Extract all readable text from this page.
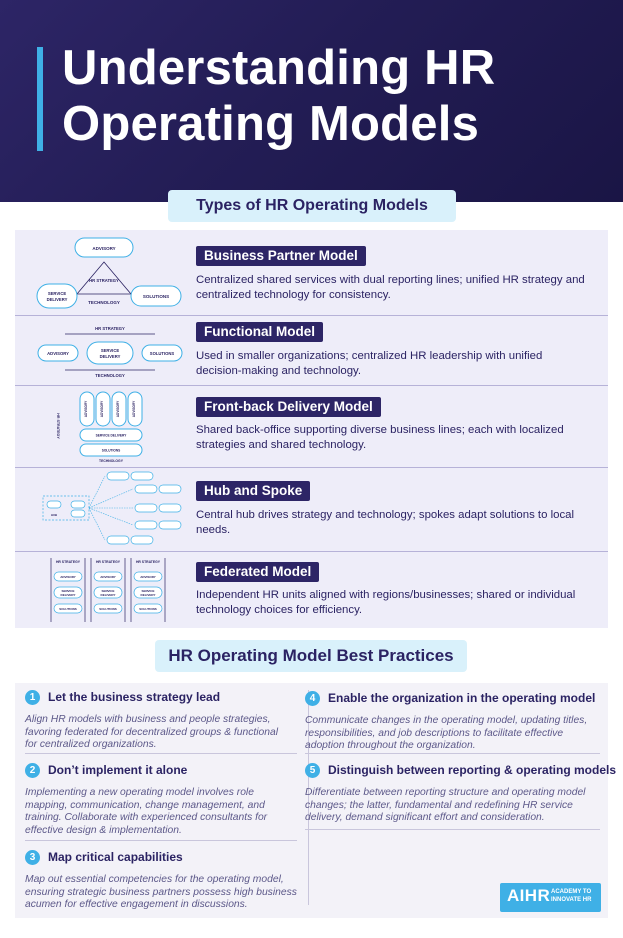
Understanding HR
Operating Models
ADVISORY
HR STRATEGY
SERVICE
DELIVERY
SOLUTIONS
TECHNOLOGY
Business Partner Model
Centralized shared services with dual reporting lines; unified HR strategy and centralized technology for consistency.
HR STRATEGY
ADVISORY
SERVICE
DELIVERY
SOLUTIONS
TECHNOLOGY
Functional Model
Used in smaller organizations; centralized HR leadership with unified decision-making and technology.
HR STRATEGY
ADVISORY	ADVISORY	ADVISORY	ADVISORY
SERVICE DELIVERY
SOLUTIONS
TECHNOLOGY
Front-back Delivery Model
Shared back-office supporting diverse business lines; each with localized strategies and shared technology.
HUB
Hub and Spoke
Central hub drives strategy and technology; spokes adapt solutions to local needs.
HR STRATEGY
ADVISORY
SERVICE
DELIVERY
SOLUTIONS
HR STRATEGY
ADVISORY
SERVICE
DELIVERY
SOLUTIONS
HR STRATEGY
ADVISORY
SERVICE
DELIVERY
SOLUTIONS
Federated Model
Independent HR units aligned with regions/businesses; shared or individual technology choices for efficiency.
Types of HR Operating Models
HR Operating Model Best Practices
1	Let the business strategy lead
Align HR models with business and people strategies,
favoring federated for decentralized groups & functional
for centralized organizations.
2	Don’t implement it alone
Implementing a new operating model involves role
mapping, communication, change management, and
training. Collaborate with experienced consultants for
effective design & implementation.
3	Map critical capabilities
Map out essential competencies for the operating model,
ensuring strategic business partners possess high business
acumen for effective engagement in discussions.
4	Enable the organization in the operating model
Communicate changes in the operating model, updating titles,
responsibilities, and job descriptions to facilitate effective
adoption throughout the organization.
5	Distinguish between reporting & operating models
Differentiate between reporting structure and operating model
changes; the latter, fundamental and redefining HR service
delivery, demand significant effort and consideration.
AIHR ACADEMY TO
INNOVATE HR
